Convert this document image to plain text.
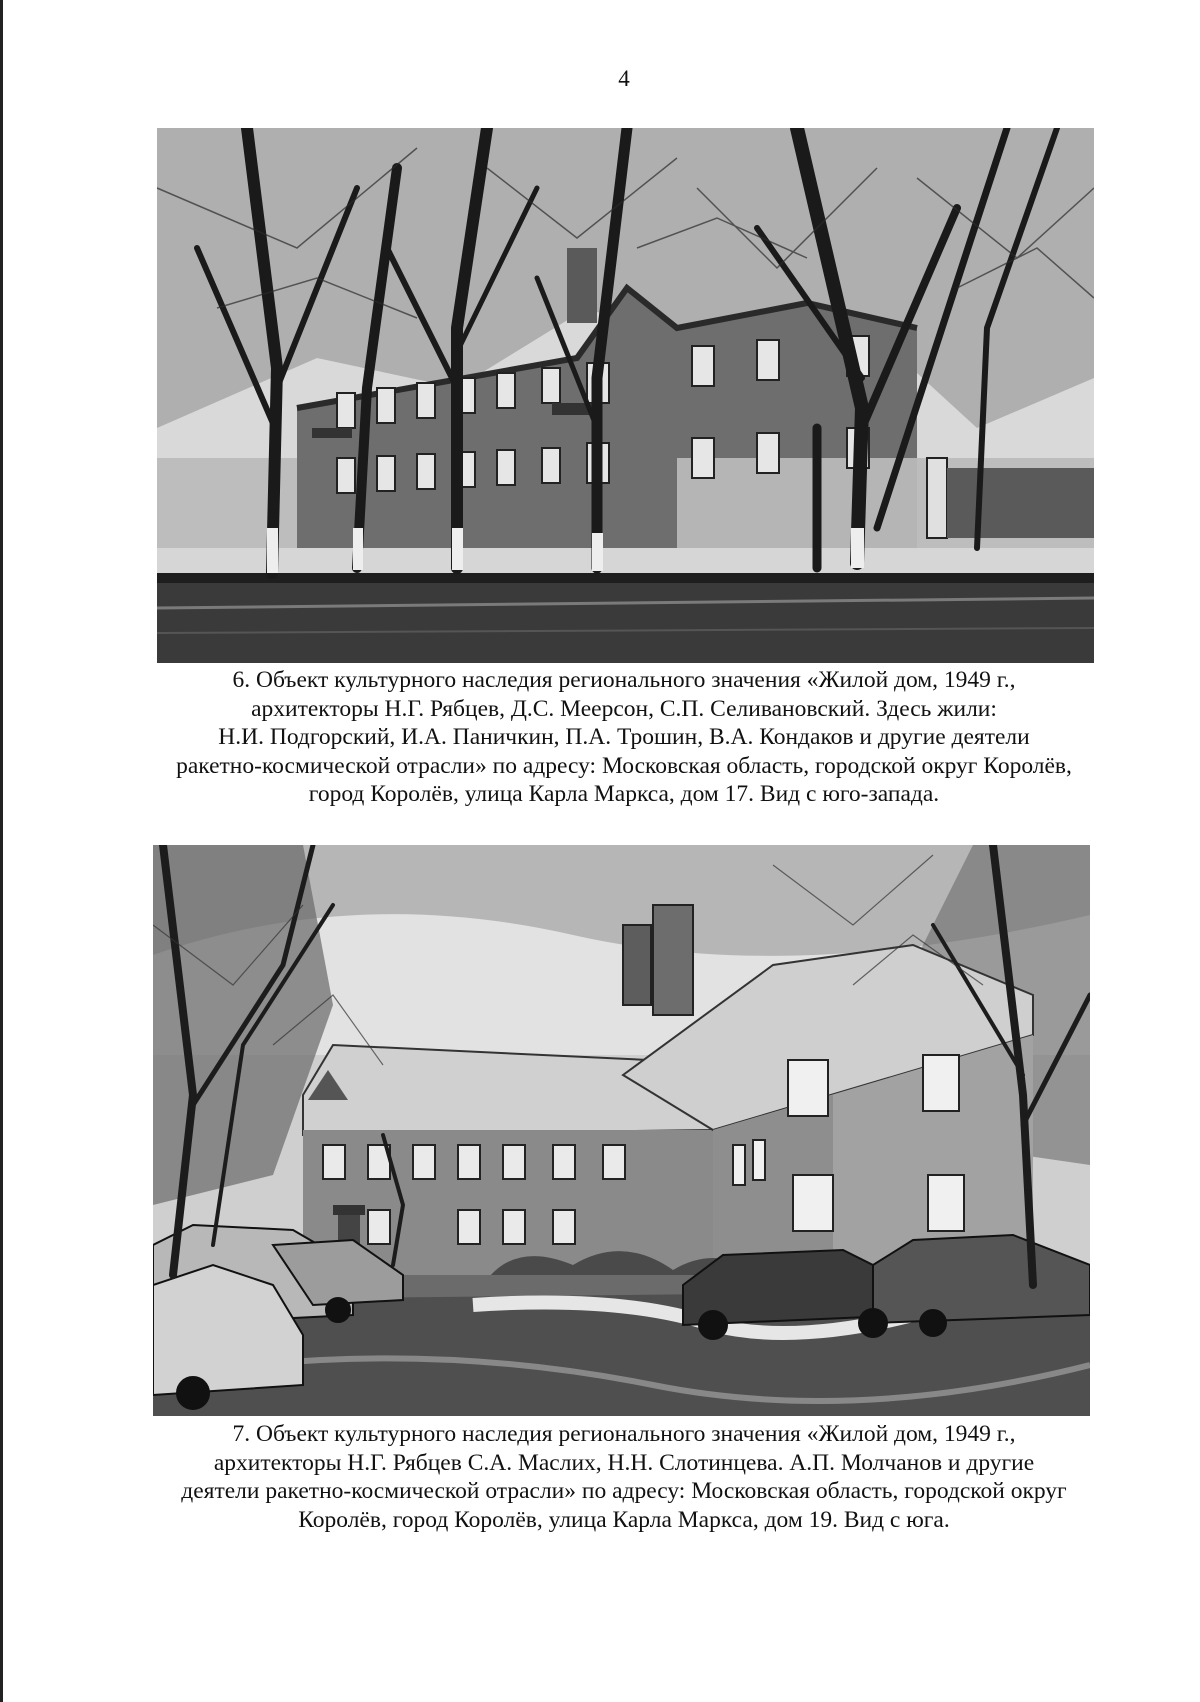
4
6. Объект культурного наследия регионального значения «Жилой дом, 1949 г.,
архитекторы Н.Г. Рябцев, Д.С. Меерсон, С.П. Селивановский. Здесь жили:
Н.И. Подгорский, И.А. Паничкин, П.А. Трошин, В.А. Кондаков и другие деятели
ракетно-космической отрасли» по адресу: Московская область, городской округ Королёв,
город Королёв, улица Карла Маркса, дом 17. Вид с юго-запада.
7. Объект культурного наследия регионального значения «Жилой дом, 1949 г.,
архитекторы Н.Г. Рябцев С.А. Маслих, Н.Н. Слотинцева. А.П. Молчанов и другие
деятели ракетно-космической отрасли» по адресу: Московская область, городской округ
Королёв, город Королёв, улица Карла Маркса, дом 19. Вид с юга.
